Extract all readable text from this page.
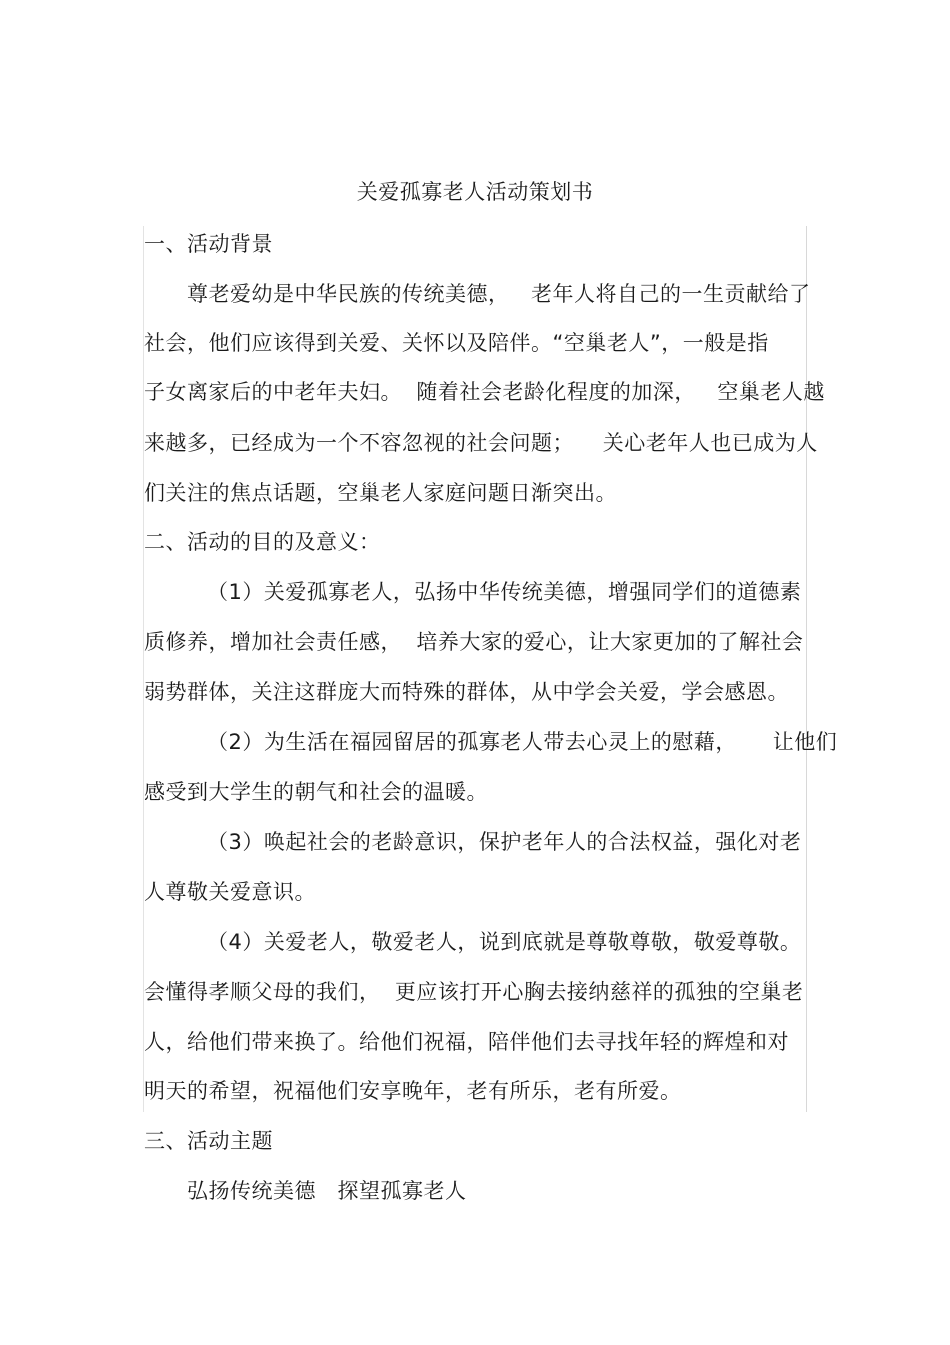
关爱孤寡老人活动策划书
一、活动背景
尊老爱幼是中华民族的传统美德，   老年人将自己的一生贡献给了
社会，他们应该得到关爱、关怀以及陪伴。“空巢老人”，一般是指
子女离家后的中老年夫妇。  随着社会老龄化程度的加深，   空巢老人越
来越多，已经成为一个不容忽视的社会问题；    关心老年人也已成为人
们关注的焦点话题，空巢老人家庭问题日渐突出。
二、活动的目的及意义：
（1）关爱孤寡老人，弘扬中华传统美德，增强同学们的道德素
质修养，增加社会责任感，  培养大家的爱心，让大家更加的了解社会
弱势群体，关注这群庞大而特殊的群体，从中学会关爱，学会感恩。
（2）为生活在福园留居的孤寡老人带去心灵上的慰藉，     让他们
感受到大学生的朝气和社会的温暖。
（3）唤起社会的老龄意识，保护老年人的合法权益，强化对老
人尊敬关爱意识。
（4）关爱老人，敬爱老人，说到底就是尊敬尊敬，敬爱尊敬。
会懂得孝顺父母的我们，  更应该打开心胸去接纳慈祥的孤独的空巢老
人，给他们带来换了。给他们祝福，陪伴他们去寻找年轻的辉煌和对
明天的希望，祝福他们安享晚年，老有所乐，老有所爱。
三、活动主题
弘扬传统美德   探望孤寡老人
